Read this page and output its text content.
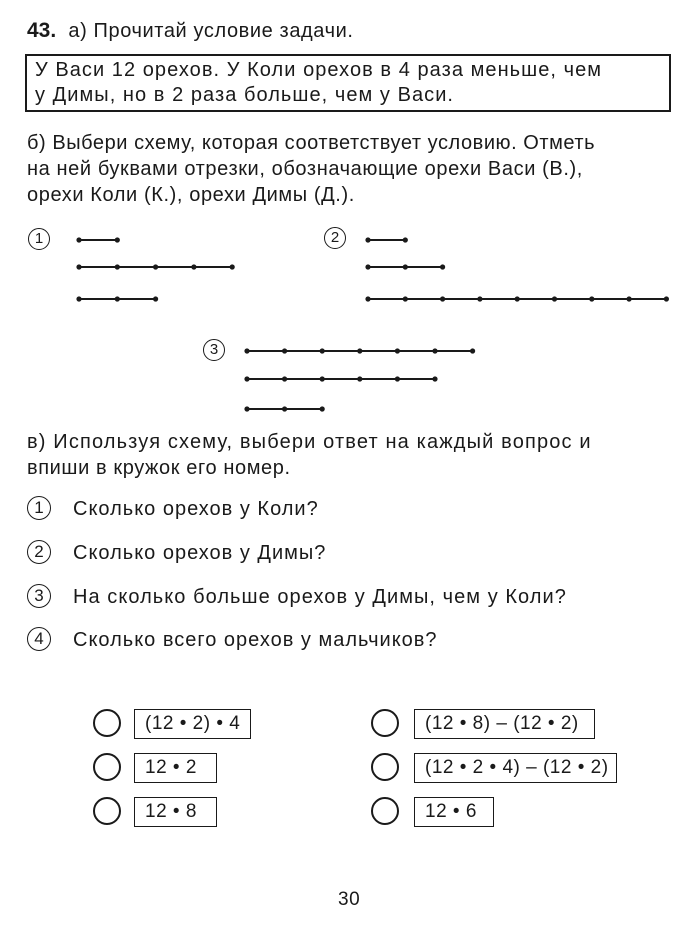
43. а) Прочитай условие задачи.
У Васи 12 орехов. У Коли орехов в 4 раза меньше, чем
у Димы, но в 2 раза больше, чем у Васи.
б) Выбери схему, которая соответствует условию. Отметь
на ней буквами отрезки, обозначающие орехи Васи (В.),
орехи Коли (К.), орехи Димы (Д.).
1	2
3
в) Используя схему, выбери ответ на каждый вопрос и
впиши в кружок его номер.
1	Сколько орехов у Коли?
2	Сколько орехов у Димы?
3	На сколько больше орехов у Димы, чем у Коли?
4	Сколько всего орехов у мальчиков?
(12 • 2) • 4
12 • 2
12 • 8
(12 • 8) – (12 • 2)
(12 • 2 • 4) – (12 • 2)
12 • 6
30
